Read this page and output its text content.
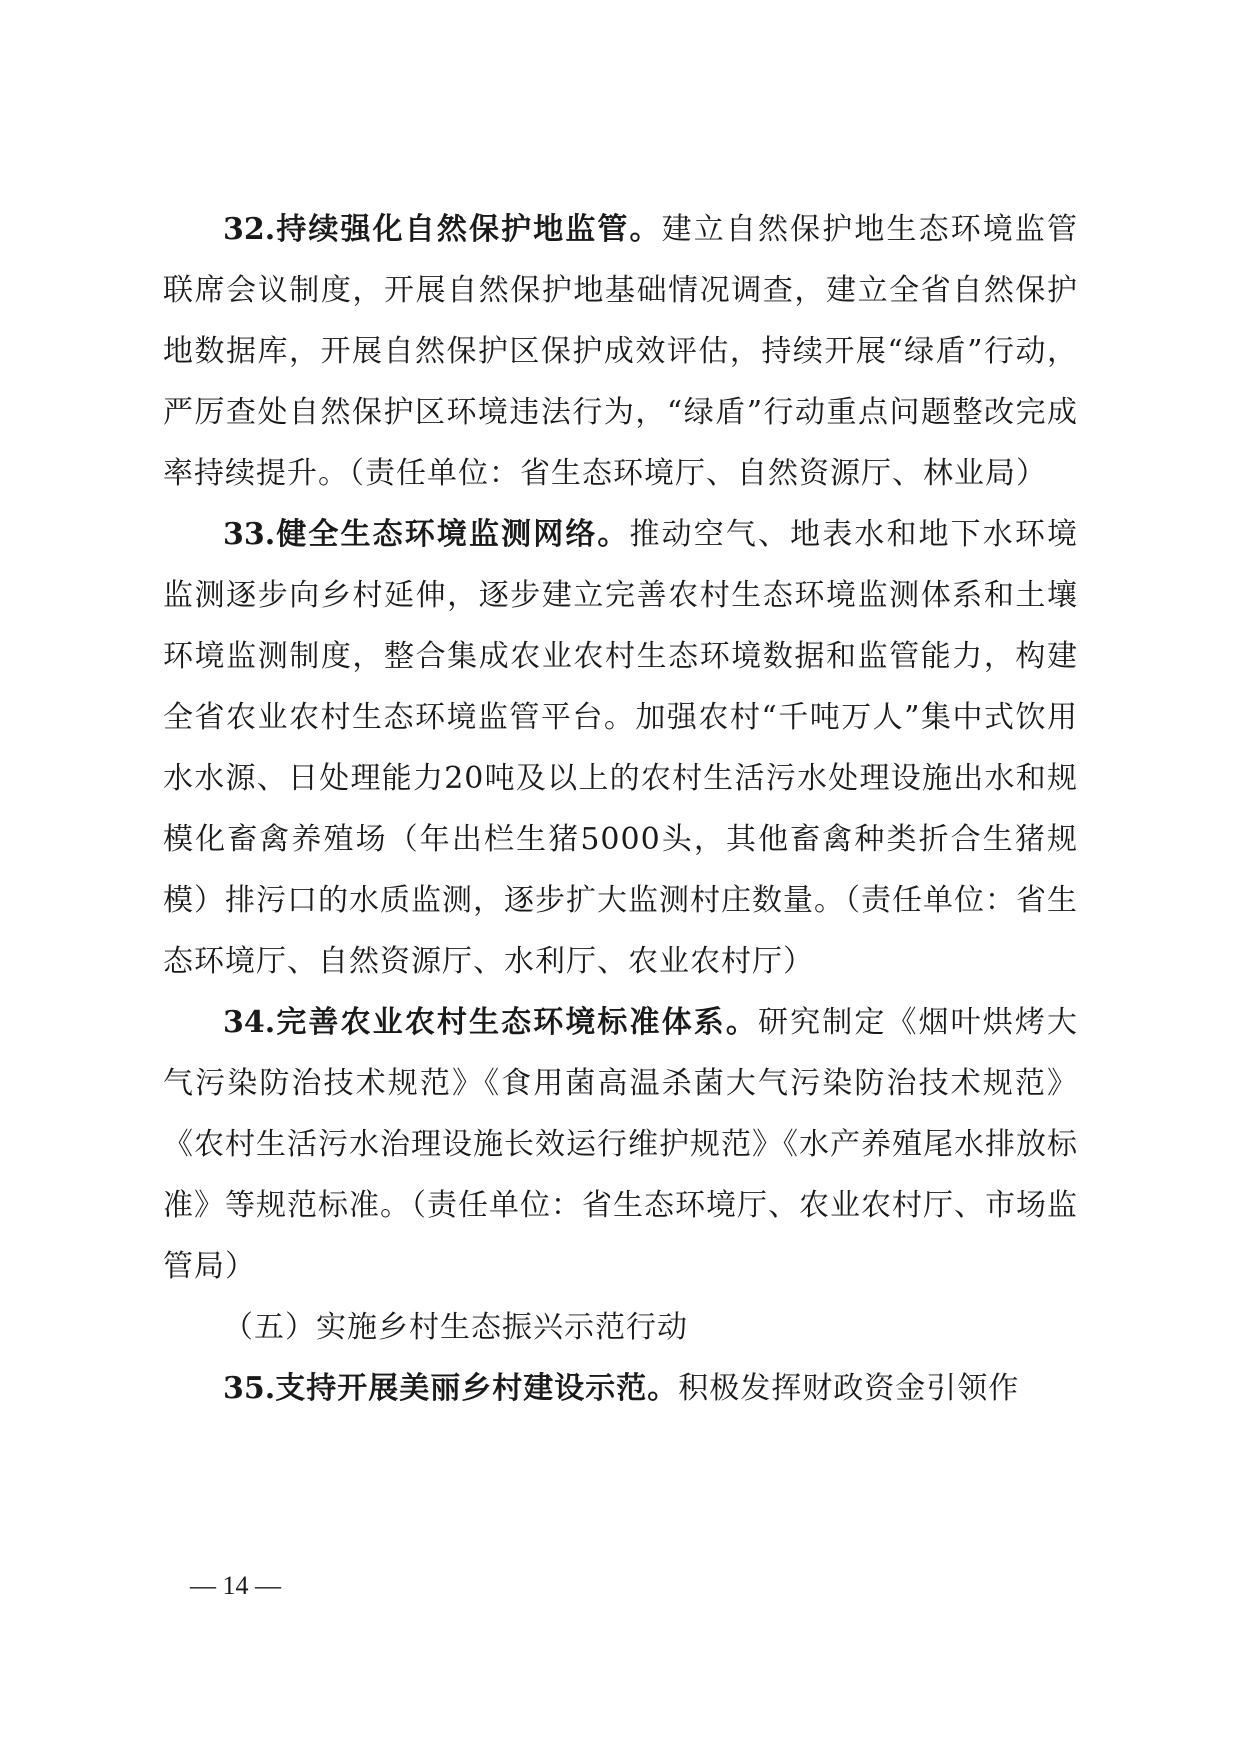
32.持续强化自然保护地监管。建立自然保护地生态环境监管联席会议制度，开展自然保护地基础情况调查，建立全省自然保护地数据库，开展自然保护区保护成效评估，持续开展“绿盾”行动，严厉查处自然保护区环境违法行为，“绿盾”行动重点问题整改完成率持续提升。（责任单位：省生态环境厅、自然资源厅、林业局）

33.健全生态环境监测网络。推动空气、地表水和地下水环境监测逐步向乡村延伸，逐步建立完善农村生态环境监测体系和土壤环境监测制度，整合集成农业农村生态环境数据和监管能力，构建全省农业农村生态环境监管平台。加强农村“千吨万人”集中式饮用水水源、日处理能力20吨及以上的农村生活污水处理设施出水和规模化畜禽养殖场（年出栏生猪5000头，其他畜禽种类折合生猪规模）排污口的水质监测，逐步扩大监测村庄数量。（责任单位：省生态环境厅、自然资源厅、水利厅、农业农村厅）

34.完善农业农村生态环境标准体系。研究制定《烟叶烘烤大气污染防治技术规范》《食用菌高温杀菌大气污染防治技术规范》《农村生活污水治理设施长效运行维护规范》《水产养殖尾水排放标准》等规范标准。（责任单位：省生态环境厅、农业农村厅、市场监管局）

（五）实施乡村生态振兴示范行动

35.支持开展美丽乡村建设示范。积极发挥财政资金引领作

— 14 —
